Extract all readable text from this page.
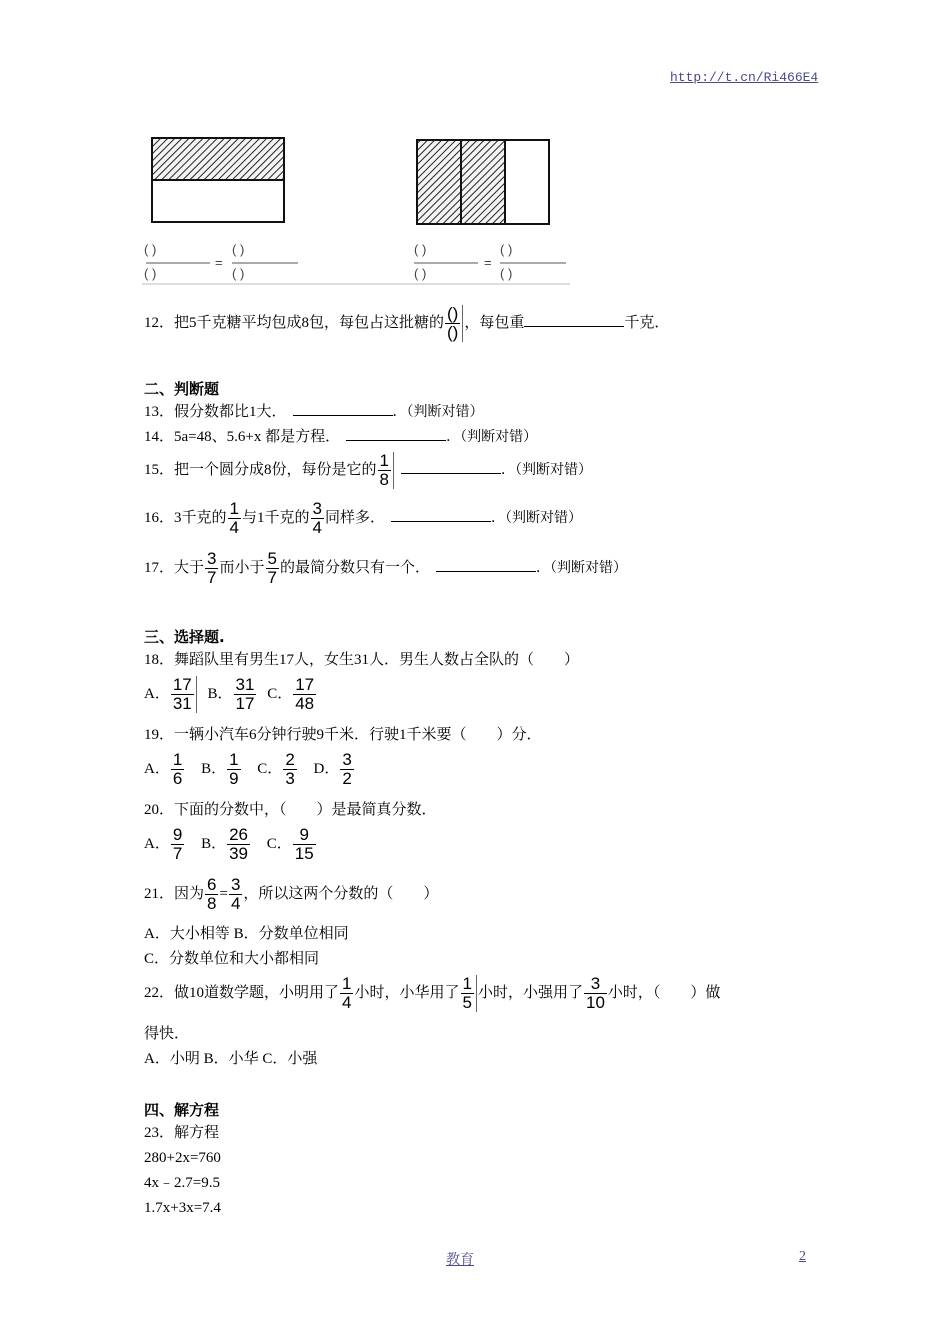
http://t.cn/Ri466E4
( )
( )
=
( )
( )
( )
( )
=
( )
( )
12．把5千克糖平均包成8包，每包占这批糖的 $\frac{()}{()}$ ，每包重	千克．
二、判断题
13．假分数都比1大．	．（判断对错）
14．5a=48、5.6+x 都是方程．	．（判断对错）
15．把一个圆分成8份，每份是它的 $\frac{1}{8}$	．（判断对错）
16．3千克的 $\frac{1}{4}$ 与1千克的 $\frac{3}{4}$ 同样多．	．（判断对错）
17．大于 $\frac{3}{7}$ 而小于 $\frac{5}{7}$ 的最简分数只有一个．	．（判断对错）
三、选择题.
18．舞蹈队里有男生17人，女生31人．男生人数占全队的（　　）
A． $\frac{17}{31}$ B． $\frac{31}{17}$ C． $\frac{17}{48}$
19．一辆小汽车6分钟行驶9千米．行驶1千米要（　　）分．
A． $\frac{1}{6}$ B． $\frac{1}{9}$ C． $\frac{2}{3}$ D． $\frac{3}{2}$
20．下面的分数中，（　　）是最简真分数．
A． $\frac{9}{7}$ B． $\frac{26}{39}$ C． $\frac{9}{15}$
21．因为 $\frac{6}{8} = \frac{3}{4}$ ，所以这两个分数的（　　）
A．大小相等 B．分数单位相同
C．分数单位和大小都相同
22．做10道数学题，小明用了 $\frac{1}{4}$ 小时，小华用了 $\frac{1}{5}$ 小时，小强用了 $\frac{3}{10}$ 小时，（　　）做
得快．
A．小明 B．小华 C．小强
四、解方程
23．解方程
280+2x=760
4x﹣2.7=9.5
1.7x+3x=7.4
教育	2
